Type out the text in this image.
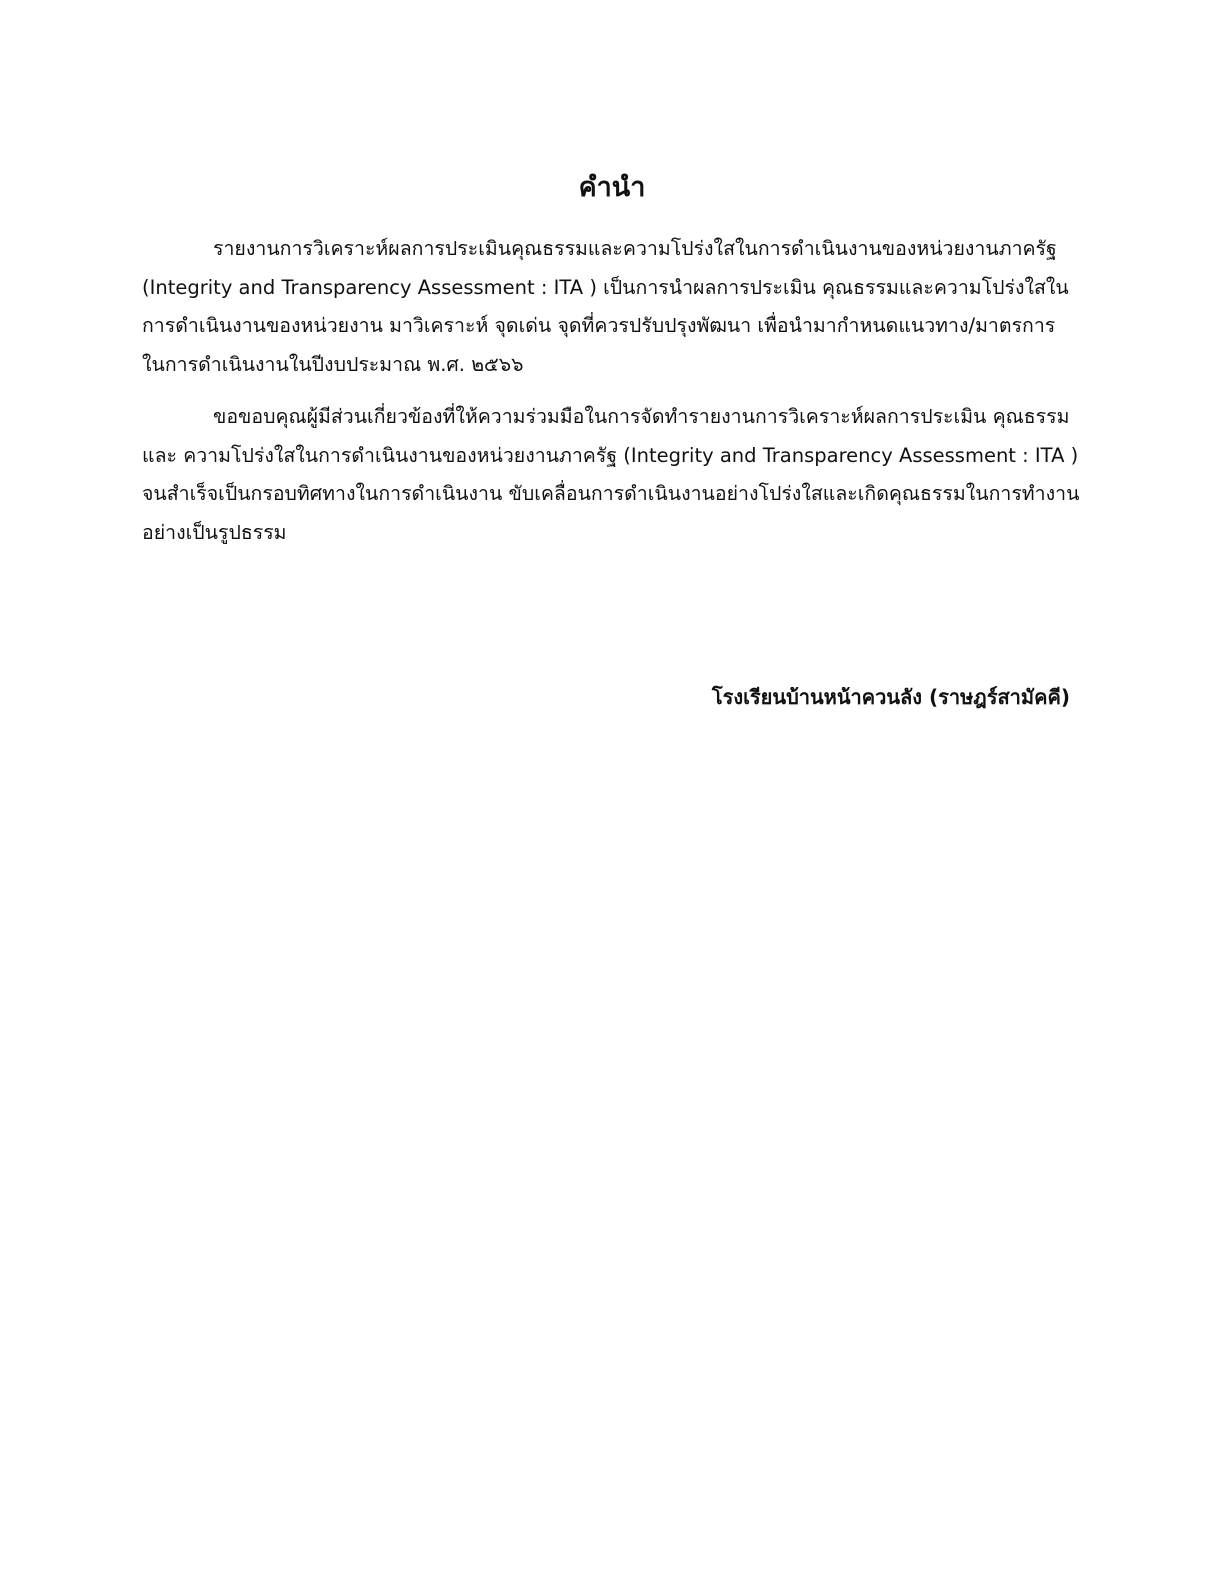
คำนำ
รายงานการวิเคราะห์ผลการประเมินคุณธรรมและความโปร่งใสในการดำเนินงานของหน่วยงานภาครัฐ
(Integrity and Transparency Assessment : ITA ) เป็นการนำผลการประเมิน คุณธรรมและความโปร่งใสใน
การดำเนินงานของหน่วยงาน มาวิเคราะห์ จุดเด่น จุดที่ควรปรับปรุงพัฒนา เพื่อนำมากำหนดแนวทาง/มาตรการ
ในการดำเนินงานในปีงบประมาณ พ.ศ. ๒๕๖๖
ขอขอบคุณผู้มีส่วนเกี่ยวข้องที่ให้ความร่วมมือในการจัดทำรายงานการวิเคราะห์ผลการประเมิน คุณธรรม
และ ความโปร่งใสในการดำเนินงานของหน่วยงานภาครัฐ (Integrity and Transparency Assessment : ITA )
จนสำเร็จเป็นกรอบทิศทางในการดำเนินงาน ขับเคลื่อนการดำเนินงานอย่างโปร่งใสและเกิดคุณธรรมในการทำงาน
อย่างเป็นรูปธรรม
โรงเรียนบ้านหน้าควนลัง (ราษฎร์สามัคคี)
